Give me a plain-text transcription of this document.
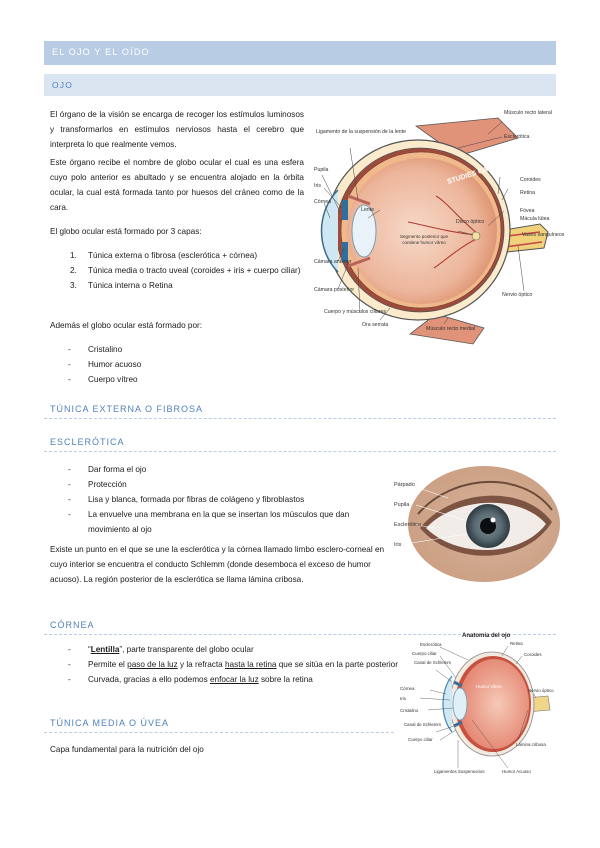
EL OJO Y EL OÍDO
OJO
El órgano de la visión se encarga de recoger los estímulos luminosos y transformarlos en estímulos nerviosos hasta el cerebro que interpreta lo que realmente vemos.
Este órgano recibe el nombre de globo ocular el cual es una esfera cuyo polo anterior es abultado y se encuentra alojado en la órbita ocular, la cual está formada tanto por huesos del cráneo como de la cara.
El globo ocular está formado por 3 capas:
1. Túnica externa o fibrosa (esclerótica + córnea)
2. Túnica media o tracto uveal (coroides + iris + cuerpo ciliar)
3. Túnica interna o Retina
Además el globo ocular está formado por:
- Cristalino
- Humor acuoso
- Cuerpo vítreo
STUDIES CAN
Ligamento de la suspensión de la lente
Músculo recto lateral
Esclerótica
Coroides
Retina
Fóvea
Mácula lútea
Vasos sanguíneos
Nervio óptico
Pupila
Iris
Córnea
Lente
Cámara anterior
Cámara posterior
Cuerpo y músculos ciliares
Ora serrata
Músculo recto medial
Disco óptico
Segmento posterior que contiene humor vítreo
TÚNICA EXTERNA O FIBROSA
ESCLERÓTICA
- Dar forma el ojo
- Protección
- Lisa y blanca, formada por fibras de colágeno y fibroblastos
- La envuelve una membrana en la que se insertan los músculos que dan movimiento al ojo
Existe un punto en el que se une la esclerótica y la córnea llamado limbo esclero-corneal en cuyo interior se encuentra el conducto Schlemm (donde desemboca el exceso de humor acuoso). La región posterior de la esclerótica se llama lámina cribosa.
Párpado
Pupila
Esclerótica
Iris
CÓRNEA
- “Lentilla”, parte transparente del globo ocular
- Permite el paso de la luz y la refracta hasta la retina que se sitúa en la parte posterior
- Curvada, gracias a ello podemos enfocar la luz sobre la retina
Anatomía del ojo
Esclerótica
Cuerpo ciliar
Canal de Schlemm
Córnea
Iris
Cristalino
Canal de Schlemm
Cuerpo ciliar
Retina
Coroides
Humor vítreo
Nervio óptico
Lámina cribosa
Ligamentos Suspensorios	Humor Acuoso
TÚNICA MEDIA O ÚVEA
Capa fundamental para la nutrición del ojo
